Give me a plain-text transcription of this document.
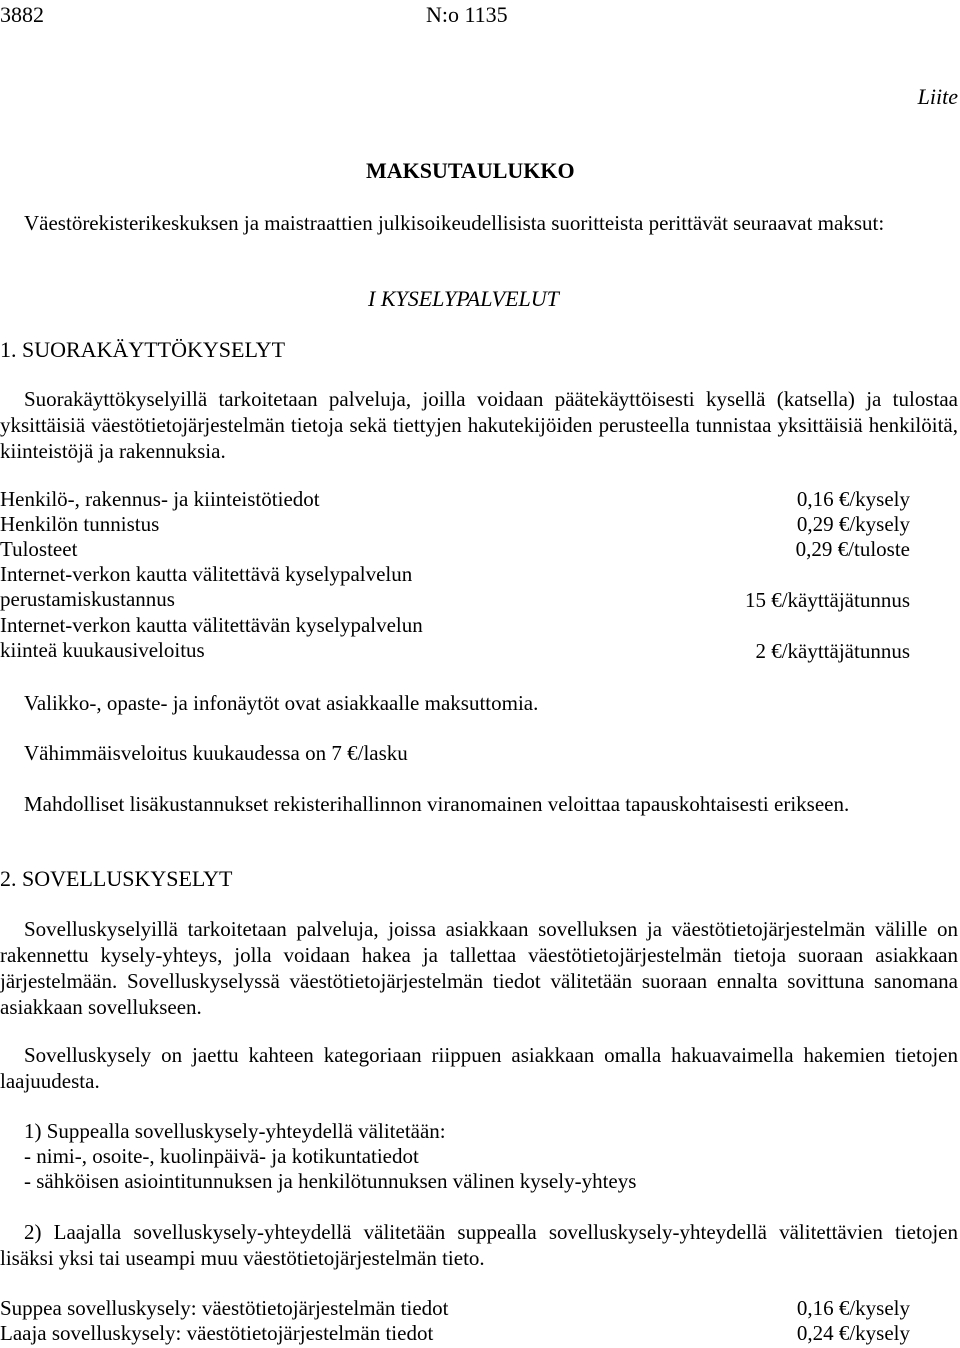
3882	N:o 1135
Liite
MAKSUTAULUKKO
Väestörekisterikeskuksen ja maistraattien julkisoikeudellisista suoritteista perittävät seuraavat maksut:
I KYSELYPALVELUT
1. SUORAKÄYTTÖKYSELYT
Suorakäyttökyselyillä tarkoitetaan palveluja, joilla voidaan päätekäyttöisesti kysellä (katsella) ja tulostaa yksittäisiä väestötietojärjestelmän tietoja sekä tiettyjen hakutekijöiden perusteella tunnistaa yksittäisiä henkilöitä, kiinteistöjä ja rakennuksia.
Henkilö-, rakennus- ja kiinteistötiedot	0,16 €/kysely
Henkilön tunnistus	0,29 €/kysely
Tulosteet	0,29 €/tuloste
Internet-verkon kautta välitettävä kyselypalvelun
perustamiskustannus	15 €/käyttäjätunnus
Internet-verkon kautta välitettävän kyselypalvelun
kiinteä kuukausiveloitus	2 €/käyttäjätunnus
Valikko-, opaste- ja infonäytöt ovat asiakkaalle maksuttomia.
Vähimmäisveloitus kuukaudessa on 7 €/lasku
Mahdolliset lisäkustannukset rekisterihallinnon viranomainen veloittaa tapauskohtaisesti erikseen.
2. SOVELLUSKYSELYT
Sovelluskyselyillä tarkoitetaan palveluja, joissa asiakkaan sovelluksen ja väestötietojärjestelmän välille on rakennettu kysely-yhteys, jolla voidaan hakea ja tallettaa väestötietojärjestelmän tietoja suoraan asiakkaan järjestelmään. Sovelluskyselyssä väestötietojärjestelmän tiedot välitetään suoraan ennalta sovittuna sanomana asiakkaan sovellukseen.
Sovelluskysely on jaettu kahteen kategoriaan riippuen asiakkaan omalla hakuavaimella hakemien tietojen laajuudesta.
1) Suppealla sovelluskysely-yhteydellä välitetään:
- nimi-, osoite-, kuolinpäivä- ja kotikuntatiedot
- sähköisen asiointitunnuksen ja henkilötunnuksen välinen kysely-yhteys
2) Laajalla sovelluskysely-yhteydellä välitetään suppealla sovelluskysely-yhteydellä välitettävien tietojen lisäksi yksi tai useampi muu väestötietojärjestelmän tieto.
Suppea sovelluskysely: väestötietojärjestelmän tiedot	0,16 €/kysely
Laaja sovelluskysely: väestötietojärjestelmän tiedot	0,24 €/kysely
